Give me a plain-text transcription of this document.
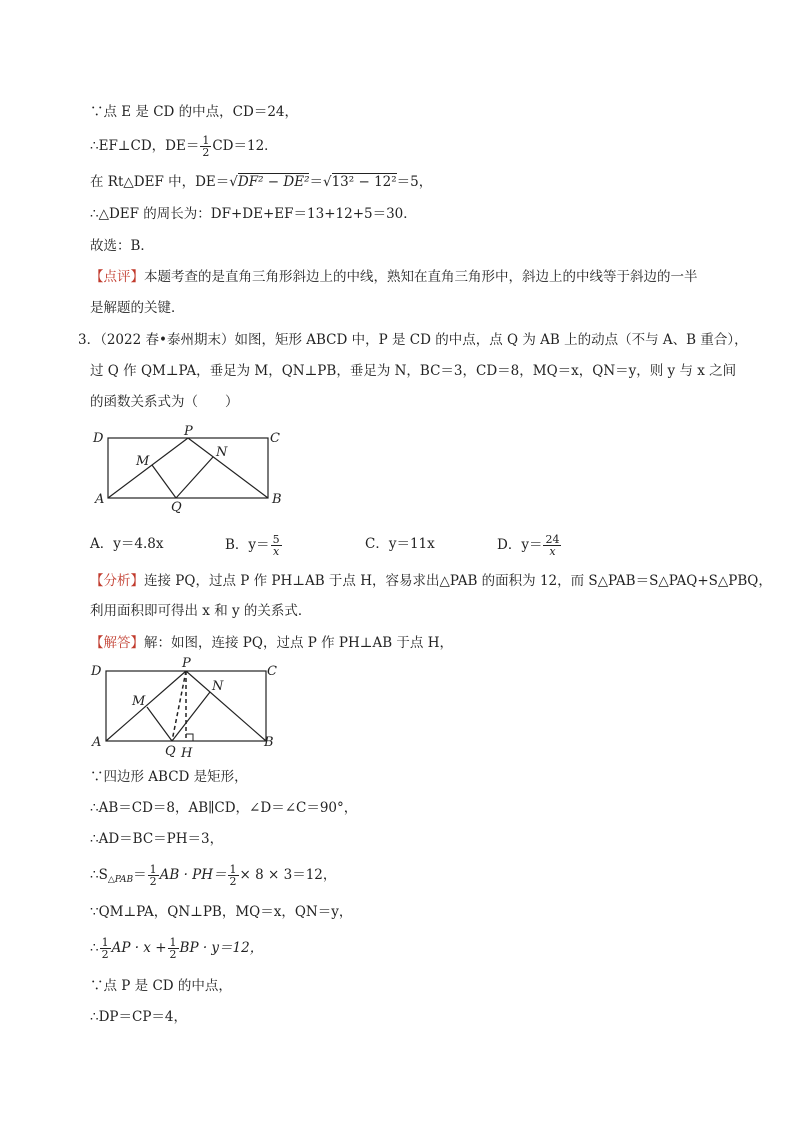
∵点 E 是 CD 的中点，CD＝24，
∴EF⊥CD，$DE= \frac{1}{2} CD=12$．
在 Rt△DEF 中，DE＝√DF² − DE²＝√13² − 12²＝5，
∴△DEF 的周长为：DF+DE+EF＝13+12+5＝30．
故选：B．
【点评】本题考查的是直角三角形斜边上的中线，熟知在直角三角形中，斜边上的中线等于斜边的一半
是解题的关键．
3．（2022 春•泰州期末）如图，矩形 ABCD 中，P 是 CD 的中点，点 Q 为 AB 上的动点（不与 A、B 重合），
过 Q 作 QM⊥PA，垂足为 M，QN⊥PB，垂足为 N，BC＝3，CD＝8，MQ＝x，QN＝y，则 y 与 x 之间
的函数关系式为（　　）
D	P	C
M
N
A
Q
B
A．y＝4.8x	B．$y= \frac{5}{x}$	C．y＝11x	D．$y= \frac{24}{x}$
【分析】连接 PQ，过点 P 作 PH⊥AB 于点 H，容易求出△PAB 的面积为 12，而 S△PAB＝S△PAQ+S△PBQ，
利用面积即可得出 x 和 y 的关系式．
【解答】解：如图，连接 PQ，过点 P 作 PH⊥AB 于点 H，
D
P
C
M
N
A
Q H
B
∵四边形 ABCD 是矩形，
∴AB＝CD＝8，AB∥CD，∠D＝∠C＝90°，
∴AD＝BC＝PH＝3，
$\therefore S_{\triangle PAB}= \frac{1}{2}$ AB · $PH= \frac{1}{2} \times 8 \times 3=12$，
∵QM⊥PA，QN⊥PB，MQ＝x，QN＝y，
∴ $\frac{1}{2}$ AP · $x + \frac{1}{2}$ BP · y＝12，
∵点 P 是 CD 的中点，
∴DP＝CP＝4，
